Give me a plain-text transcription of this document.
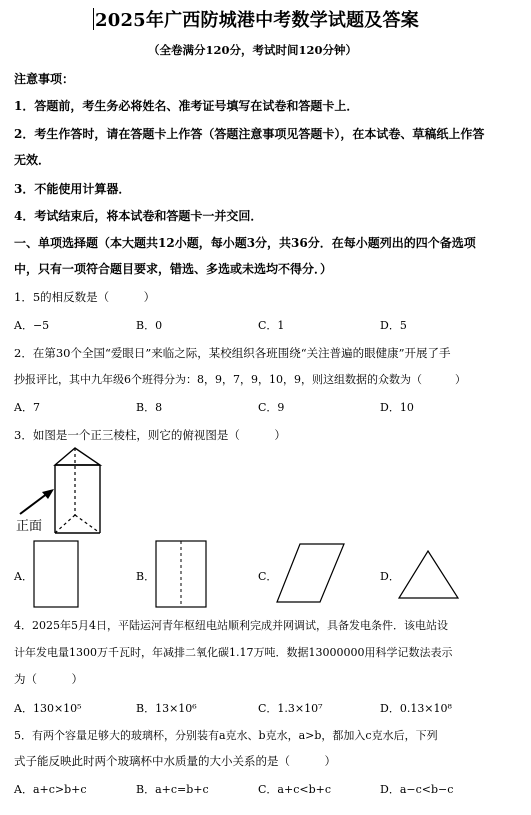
2025年广西防城港中考数学试题及答案
（全卷满分120分，考试时间120分钟）
注意事项：
1．答题前，考生务必将姓名、准考证号填写在试卷和答题卡上．
2．考生作答时，请在答题卡上作答（答题注意事项见答题卡），在本试卷、草稿纸上作答
无效．
3．不能使用计算器．
4．考试结束后，将本试卷和答题卡一并交回．
一、单项选择题（本大题共12小题，每小题3分，共36分．在每小题列出的四个备选项
中，只有一项符合题目要求，错选、多选或未选均不得分．）
1．5的相反数是（　　　）
A．−5	B．0	C．1	D．5
2．在第30个全国“爱眼日”来临之际，某校组织各班围绕“关注普遍的眼健康”开展了手
抄报评比，其中九年级6个班得分为：8，9，7，9，10，9，则这组数据的众数为（　　　）
A．7	B．8	C．9	D．10
3．如图是一个正三棱柱，则它的俯视图是（　　　）
正面
A．	B．	C．	D．
4．2025年5月4日，平陆运河青年枢纽电站顺利完成并网调试，具备发电条件．该电站设
计年发电量1300万千瓦时，年减排二氧化碳1.17万吨．数据13000000用科学记数法表示
为（　　　）
A．130×10⁵	B．13×10⁶	C．1.3×10⁷	D．0.13×10⁸
5．有两个容量足够大的玻璃杯，分别装有a克水、b克水，a>b，都加入c克水后，下列
式子能反映此时两个玻璃杯中水质量的大小关系的是（　　　）
A．a+c>b+c	B．a+c=b+c	C．a+c<b+c	D．a−c<b−c
